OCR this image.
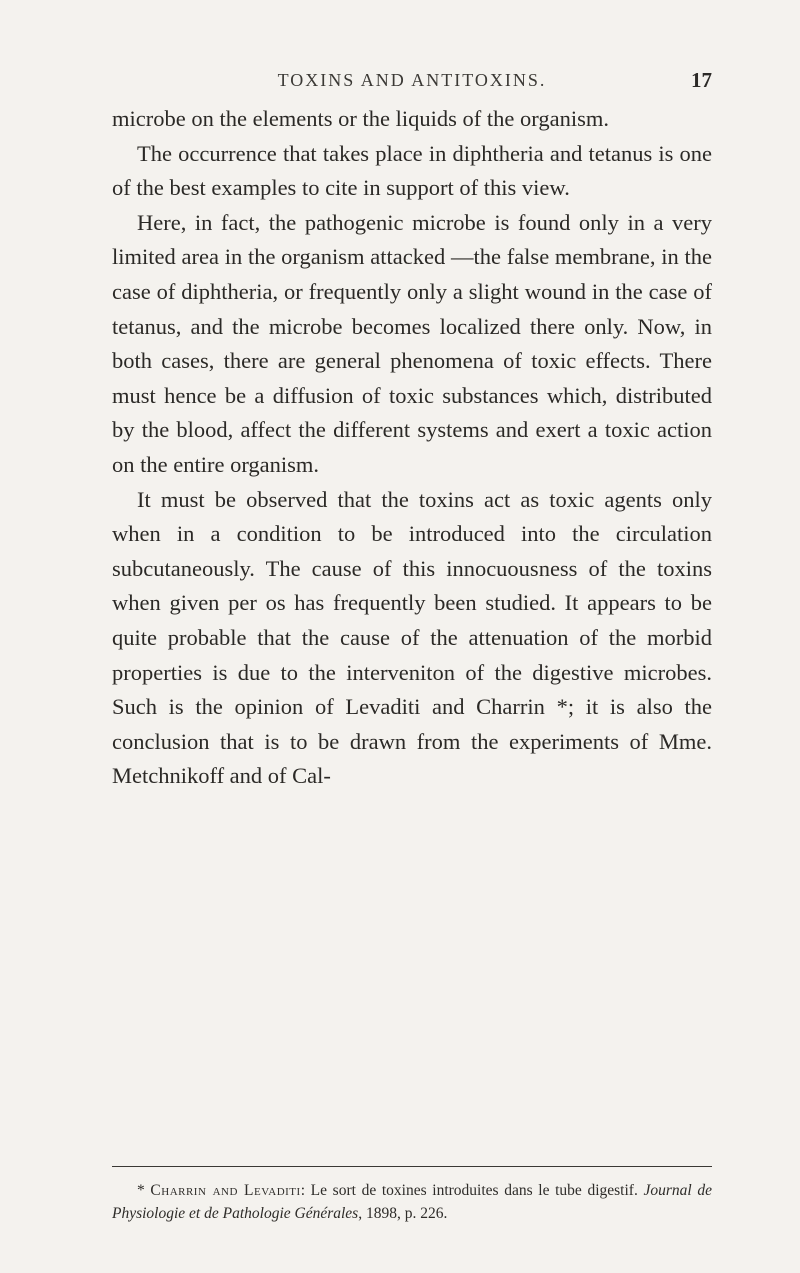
TOXINS AND ANTITOXINS.	17

microbe on the elements or the liquids of the organism.

The occurrence that takes place in diphtheria and tetanus is one of the best examples to cite in support of this view.

Here, in fact, the pathogenic microbe is found only in a very limited area in the organism attacked —the false membrane, in the case of diphtheria, or frequently only a slight wound in the case of tetanus, and the microbe becomes localized there only. Now, in both cases, there are general phenomena of toxic effects. There must hence be a diffusion of toxic substances which, distributed by the blood, affect the different systems and exert a toxic action on the entire organism.

It must be observed that the toxins act as toxic agents only when in a condition to be introduced into the circulation subcutaneously. The cause of this innocuousness of the toxins when given per os has frequently been studied. It appears to be quite probable that the cause of the attenuation of the morbid properties is due to the interveniton of the digestive microbes. Such is the opinion of Levaditi and Charrin *; it is also the conclusion that is to be drawn from the experiments of Mme. Metchnikoff and of Cal-

* Charrin and Levaditi: Le sort de toxines introduites dans le tube digestif. Journal de Physiologie et de Pathologie Générales, 1898, p. 226.
